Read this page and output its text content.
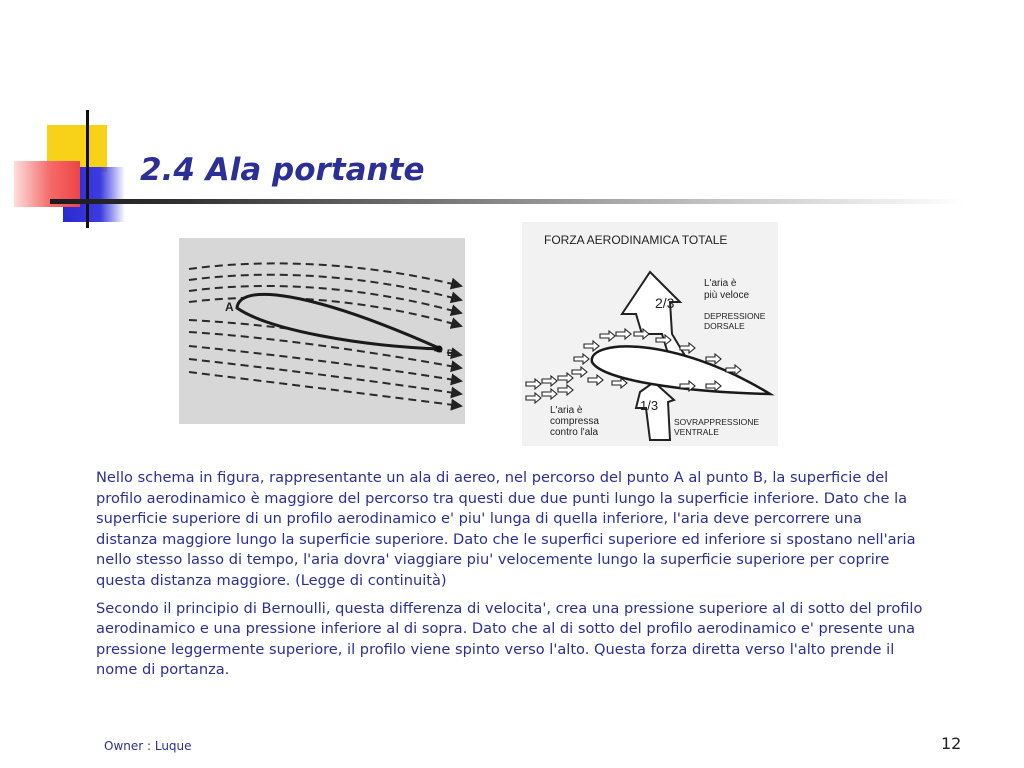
2.4 Ala portante
A
B
FORZA AERODINAMICA TOTALE
2/3
1/3
L'aria è più veloce
DEPRESSIONE DORSALE
L'aria è compressa contro l'ala
SOVRAPPRESSIONE VENTRALE

Nello schema in figura, rappresentante un ala di aereo, nel percorso del punto A al punto B, la superficie del profilo aerodinamico è maggiore del percorso tra questi due due punti lungo la superficie inferiore. Dato che la superficie superiore di un profilo aerodinamico e' piu' lunga di quella inferiore, l'aria deve percorrere una distanza maggiore lungo la superficie superiore. Dato che le superfici superiore ed inferiore si spostano nell'aria nello stesso lasso di tempo, l'aria dovra' viaggiare piu' velocemente lungo la superficie superiore per coprire questa distanza maggiore. (Legge di continuità)

Secondo il principio di Bernoulli, questa differenza di velocita', crea una pressione superiore al di sotto del profilo aerodinamico e una pressione inferiore al di sopra. Dato che al di sotto del profilo aerodinamico e' presente una pressione leggermente superiore, il profilo viene spinto verso l'alto. Questa forza diretta verso l'alto prende il nome di portanza.

Owner : Luque	12
